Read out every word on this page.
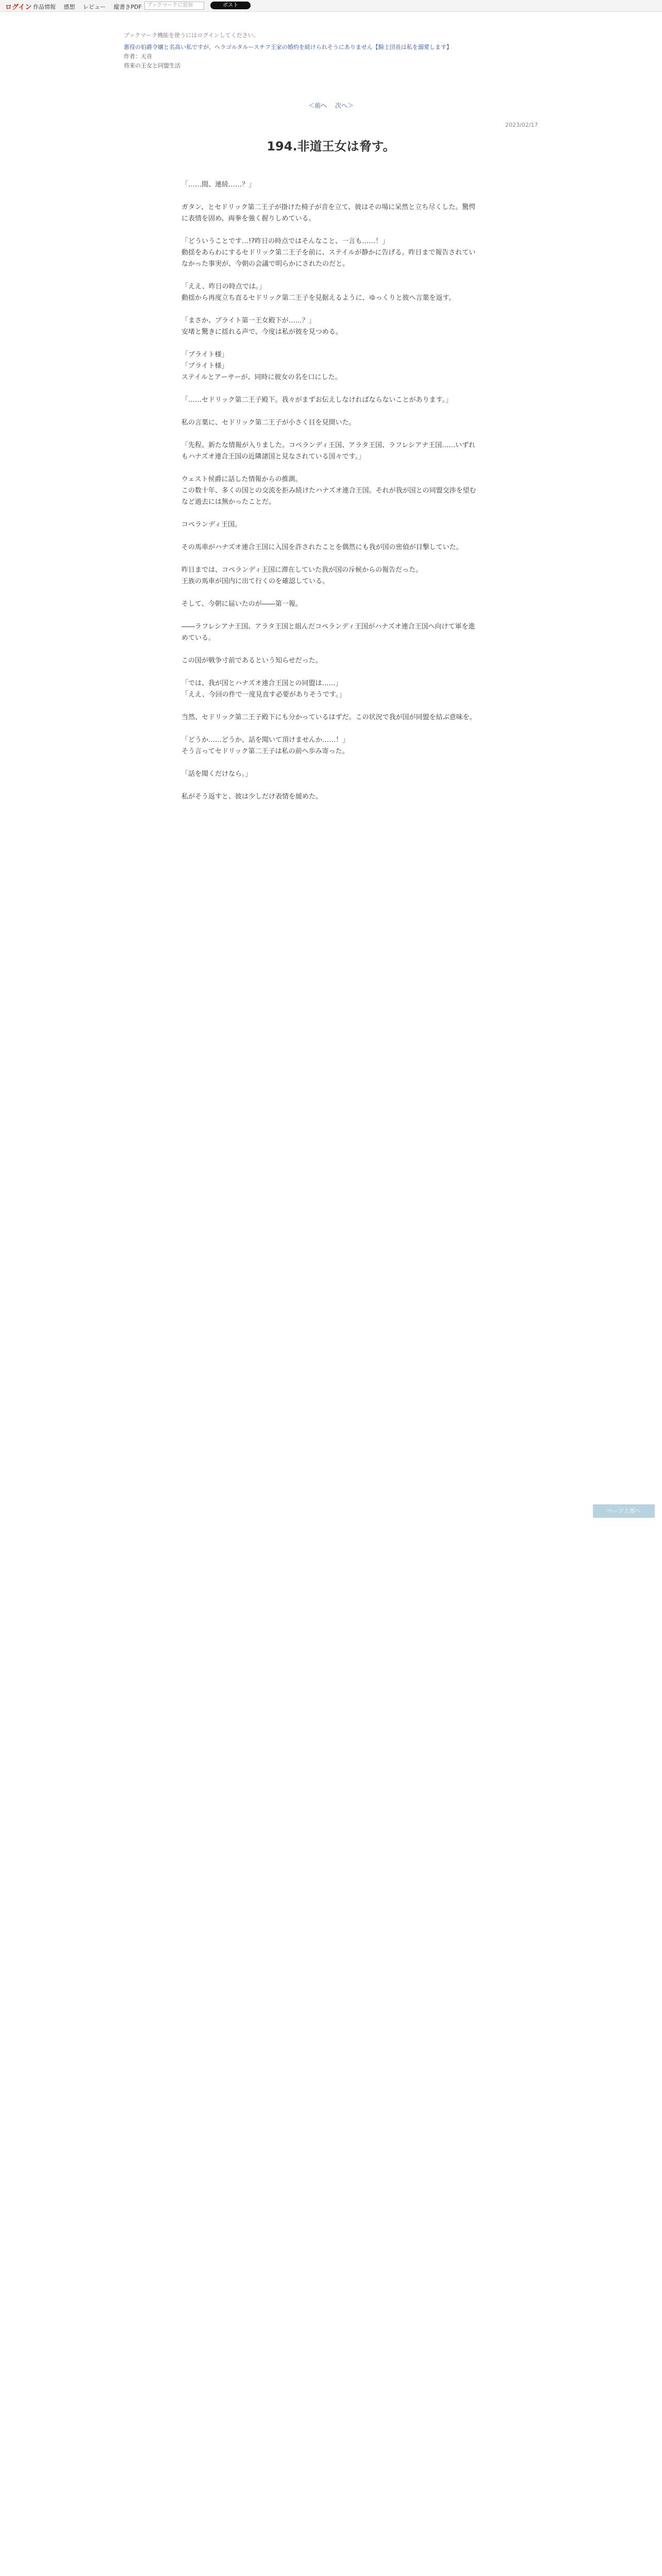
ログイン 作品情報 感想 レビュー 縦書きPDF	ブックマークに追加	ポスト
ブックマーク機能を使うにはログインしてください。
悪役の伯爵令嬢と名高い私ですが、ヘラゴルタルースチフ王家の婚約を続けられそうにありません【騎士団長は私を溺愛します】
作者：天音
将来の王女と同盟生活
＜前へ 次へ＞
2023/02/17
194.非道王女は脅す。

「……間、連続……？」

ガタン、とセドリック第二王子が掛けた椅子が音を立て、彼はその場に呆然と立ち尽くした。驚愕に表情を固め、両拳を強く握りしめている。

「どういうことです…!?昨日の時点ではそんなこと、一言も……！」
動揺をあらわにするセドリック第二王子を前に、ステイルが静かに告げる。昨日まで報告されていなかった事実が、今朝の会議で明らかにされたのだと。

「ええ、昨日の時点では。」
動揺から再度立ち直るセドリック第二王子を見据えるように、ゆっくりと彼へ言葉を返す。

「まさか、ブライト第一王女殿下が……？」
安堵と驚きに揺れる声で、今度は私が彼を見つめる。

「ブライト様」
「ブライト様」
ステイルとアーサーが、同時に彼女の名を口にした。

「……セドリック第二王子殿下。我々がまずお伝えしなければならないことがあります。」

私の言葉に、セドリック第二王子が小さく目を見開いた。

「先程、新たな情報が入りました。コペランディ王国、アラタ王国、ラフレシアナ王国……いずれもハナズオ連合王国の近隣諸国と見なされている国々です。」

ウェスト侯爵に話した情報からの推測。
この数十年、多くの国との交流を拒み続けたハナズオ連合王国。それが我が国との同盟交渉を望むなど過去には無かったことだ。

コペランディ王国。

その馬車がハナズオ連合王国に入国を許されたことを偶然にも我が国の密偵が目撃していた。

昨日までは、コペランディ王国に滞在していた我が国の斥候からの報告だった。
王族の馬車が国内に出て行くのを確認している。

そして、今朝に届いたのが――第一報。

――ラフレシアナ王国、アラタ王国と組んだコペランディ王国がハナズオ連合王国へ向けて軍を進めている。

この国が戦争寸前であるという知らせだった。

「では、我が国とハナズオ連合王国との同盟は……」
「ええ、今回の件で一度見直す必要がありそうです。」

当然、セドリック第二王子殿下にも分かっているはずだ。この状況で我が国が同盟を結ぶ意味を。

「どうか……どうか、話を聞いて頂けませんか……！」
そう言ってセドリック第二王子は私の前へ歩み寄った。

「話を聞くだけなら。」

私がそう返すと、彼は少しだけ表情を緩めた。

ページ上部へ
